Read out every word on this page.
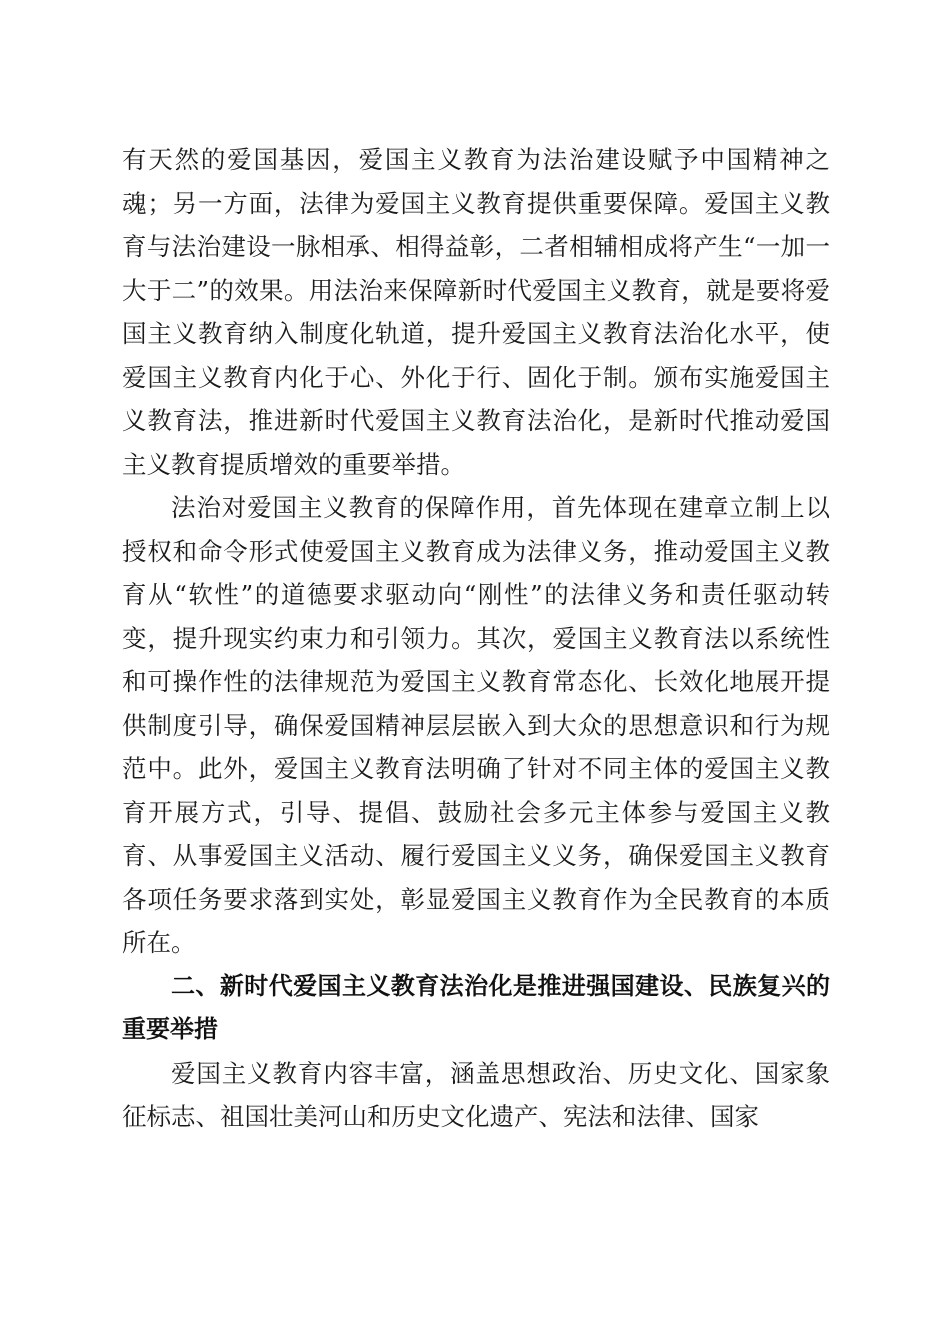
有天然的爱国基因，爱国主义教育为法治建设赋予中国精神之魂；另一方面，法律为爱国主义教育提供重要保障。爱国主义教育与法治建设一脉相承、相得益彰，二者相辅相成将产生“一加一大于二”的效果。用法治来保障新时代爱国主义教育，就是要将爱国主义教育纳入制度化轨道，提升爱国主义教育法治化水平，使爱国主义教育内化于心、外化于行、固化于制。颁布实施爱国主义教育法，推进新时代爱国主义教育法治化，是新时代推动爱国主义教育提质增效的重要举措。

法治对爱国主义教育的保障作用，首先体现在建章立制上以授权和命令形式使爱国主义教育成为法律义务，推动爱国主义教育从“软性”的道德要求驱动向“刚性”的法律义务和责任驱动转变，提升现实约束力和引领力。其次，爱国主义教育法以系统性和可操作性的法律规范为爱国主义教育常态化、长效化地展开提供制度引导，确保爱国精神层层嵌入到大众的思想意识和行为规范中。此外，爱国主义教育法明确了针对不同主体的爱国主义教育开展方式，引导、提倡、鼓励社会多元主体参与爱国主义教育、从事爱国主义活动、履行爱国主义义务，确保爱国主义教育各项任务要求落到实处，彰显爱国主义教育作为全民教育的本质所在。

二、新时代爱国主义教育法治化是推进强国建设、民族复兴的重要举措

爱国主义教育内容丰富，涵盖思想政治、历史文化、国家象征标志、祖国壮美河山和历史文化遗产、宪法和法律、国家
